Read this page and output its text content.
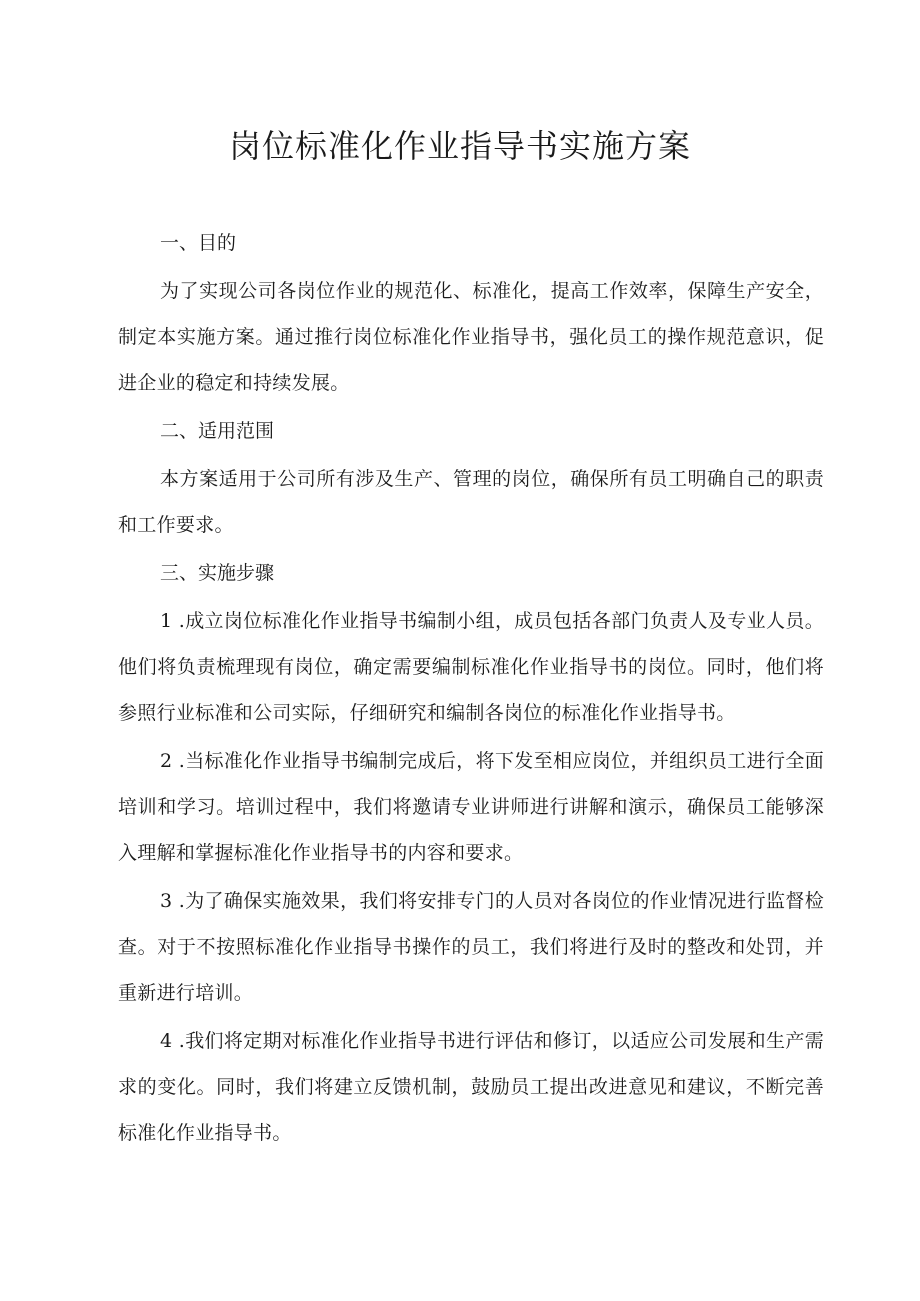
岗位标准化作业指导书实施方案

一、目的

为了实现公司各岗位作业的规范化、标准化，提高工作效率，保障生产安全，制定本实施方案。通过推行岗位标准化作业指导书，强化员工的操作规范意识，促进企业的稳定和持续发展。

二、适用范围

本方案适用于公司所有涉及生产、管理的岗位，确保所有员工明确自己的职责和工作要求。

三、实施步骤

1 .成立岗位标准化作业指导书编制小组，成员包括各部门负责人及专业人员。他们将负责梳理现有岗位，确定需要编制标准化作业指导书的岗位。同时，他们将参照行业标准和公司实际，仔细研究和编制各岗位的标准化作业指导书。

2 .当标准化作业指导书编制完成后，将下发至相应岗位，并组织员工进行全面培训和学习。培训过程中，我们将邀请专业讲师进行讲解和演示，确保员工能够深入理解和掌握标准化作业指导书的内容和要求。

3 .为了确保实施效果，我们将安排专门的人员对各岗位的作业情况进行监督检查。对于不按照标准化作业指导书操作的员工，我们将进行及时的整改和处罚，并重新进行培训。

4 .我们将定期对标准化作业指导书进行评估和修订，以适应公司发展和生产需求的变化。同时，我们将建立反馈机制，鼓励员工提出改进意见和建议，不断完善标准化作业指导书。
